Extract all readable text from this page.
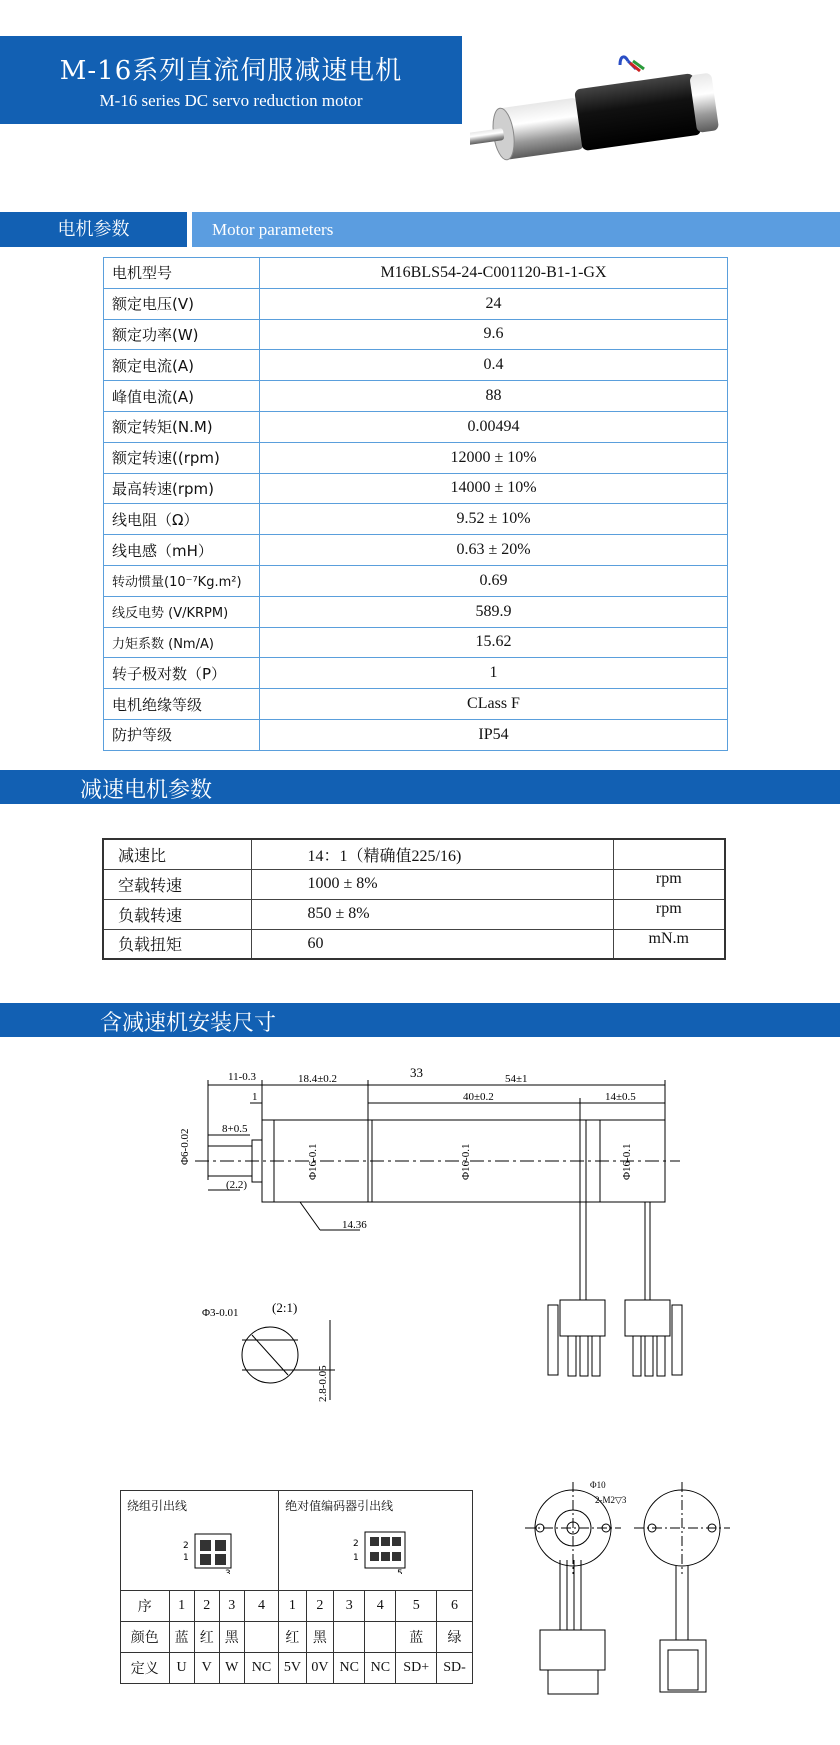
M-16系列直流伺服减速电机
M-16 series DC servo reduction motor
电机参数	Motor parameters
电机型号	M16BLS54-24-C001120-B1-1-GX
额定电压(V)	24
额定功率(W)	9.6
额定电流(A)	0.4
峰值电流(A)	88
额定转矩(N.M)	0.00494
额定转速((rpm)	12000 ± 10%
最高转速(rpm)	14000 ± 10%
线电阻（Ω）	9.52 ± 10%
线电感（mH）	0.63 ± 20%
转动惯量(10⁻⁷Kg.m²)	0.69
线反电势 (V/KRPM)	589.9
力矩系数 (Nm/A)	15.62
转子极对数（P）	1
电机绝缘等级	CLass F
防护等级	IP54
减速电机参数
减速比	14：1（精确值225/16)	
空载转速	1000 ± 8%	rpm
负载转速	850 ± 8%	rpm
负载扭矩	60	mN.m
含减速机安装尺寸
11-0.3	18.4±0.2	33	54±1
40±0.2	14±0.5
1
8+0.5
Φ6-0.02
(2.2)
Φ16-0.1	Φ16-0.1	Φ16-0.1
14.36
(2:1)
Φ3-0.01
2.8-0.05
Φ10
2-M2▽3
绕组引出线
2
1
3					绝对值编码器引出线
2
1
5					

序	1	2	3	4	1	2	3	4	5	6
颜色	蓝	红	黑		红	黑			蓝	绿
定义	U	V	W	NC	5V	0V	NC	NC	SD+	SD-
